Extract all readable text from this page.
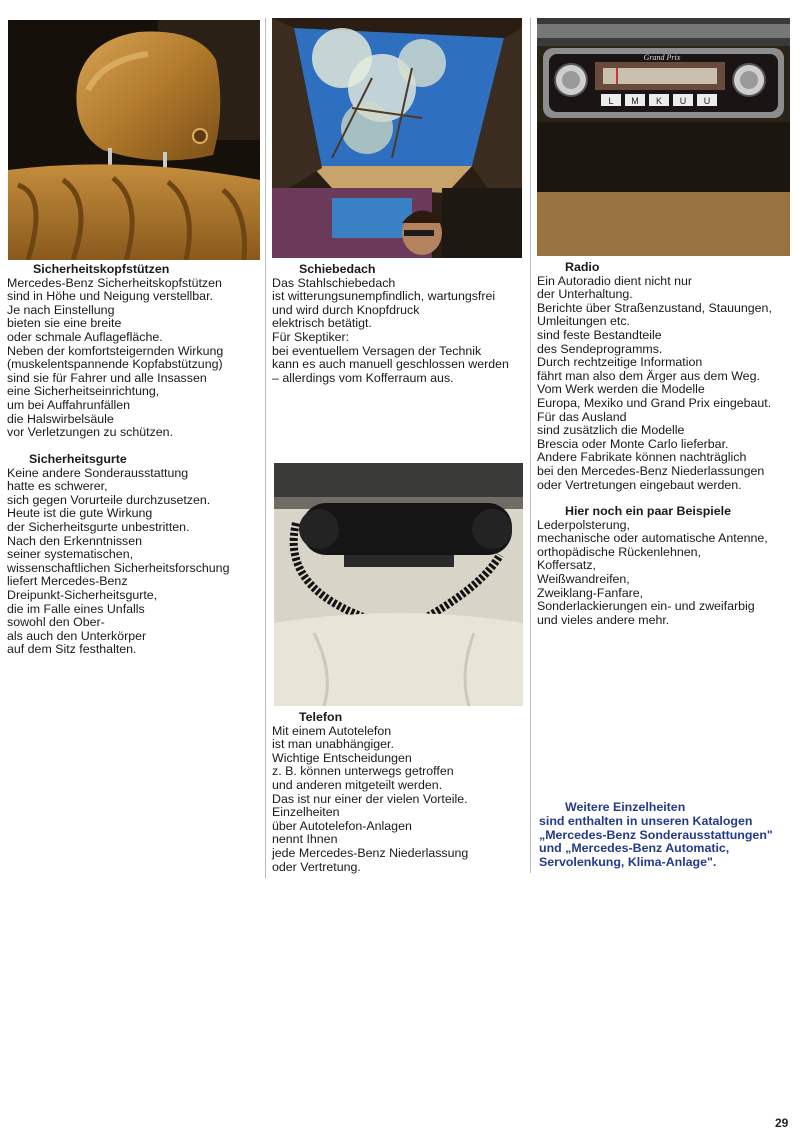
L M K U U
Grand Prix
Sicherheitskopfstützen
Mercedes-Benz Sicherheitskopfstützen
sind in Höhe und Neigung verstellbar.
Je nach Einstellung
bieten sie eine breite
oder schmale Auflagefläche.
Neben der komfortsteigernden Wirkung
(muskelentspannende Kopfabstützung)
sind sie für Fahrer und alle Insassen
eine Sicherheitseinrichtung,
um bei Auffahrunfällen
die Halswirbelsäule
vor Verletzungen zu schützen.
Sicherheitsgurte
Keine andere Sonderausstattung
hatte es schwerer,
sich gegen Vorurteile durchzusetzen.
Heute ist die gute Wirkung
der Sicherheitsgurte unbestritten.
Nach den Erkenntnissen
seiner systematischen,
wissenschaftlichen Sicherheitsforschung
liefert Mercedes-Benz
Dreipunkt-Sicherheitsgurte,
die im Falle eines Unfalls
sowohl den Ober-
als auch den Unterkörper
auf dem Sitz festhalten.
Schiebedach
Das Stahlschiebedach
ist witterungsunempfindlich, wartungsfrei
und wird durch Knopfdruck
elektrisch betätigt.
Für Skeptiker:
bei eventuellem Versagen der Technik
kann es auch manuell geschlossen werden
– allerdings vom Kofferraum aus.
Telefon
Mit einem Autotelefon
ist man unabhängiger.
Wichtige Entscheidungen
z. B. können unterwegs getroffen
und anderen mitgeteilt werden.
Das ist nur einer der vielen Vorteile.
Einzelheiten
über Autotelefon-Anlagen
nennt Ihnen
jede Mercedes-Benz Niederlassung
oder Vertretung.
Radio
Ein Autoradio dient nicht nur
der Unterhaltung.
Berichte über Straßenzustand, Stauungen,
Umleitungen etc.
sind feste Bestandteile
des Sendeprogramms.
Durch rechtzeitige Information
fährt man also dem Ärger aus dem Weg.
Vom Werk werden die Modelle
Europa, Mexiko und Grand Prix eingebaut.
Für das Ausland
sind zusätzlich die Modelle
Brescia oder Monte Carlo lieferbar.
Andere Fabrikate können nachträglich
bei den Mercedes-Benz Niederlassungen
oder Vertretungen eingebaut werden.
Hier noch ein paar Beispiele
Lederpolsterung,
mechanische oder automatische Antenne,
orthopädische Rückenlehnen,
Koffersatz,
Weißwandreifen,
Zweiklang-Fanfare,
Sonderlackierungen ein- und zweifarbig
und vieles andere mehr.
Weitere Einzelheiten
sind enthalten in unseren Katalogen
„Mercedes-Benz Sonderausstattungen"
und „Mercedes-Benz Automatic,
Servolenkung, Klima-Anlage".
29
